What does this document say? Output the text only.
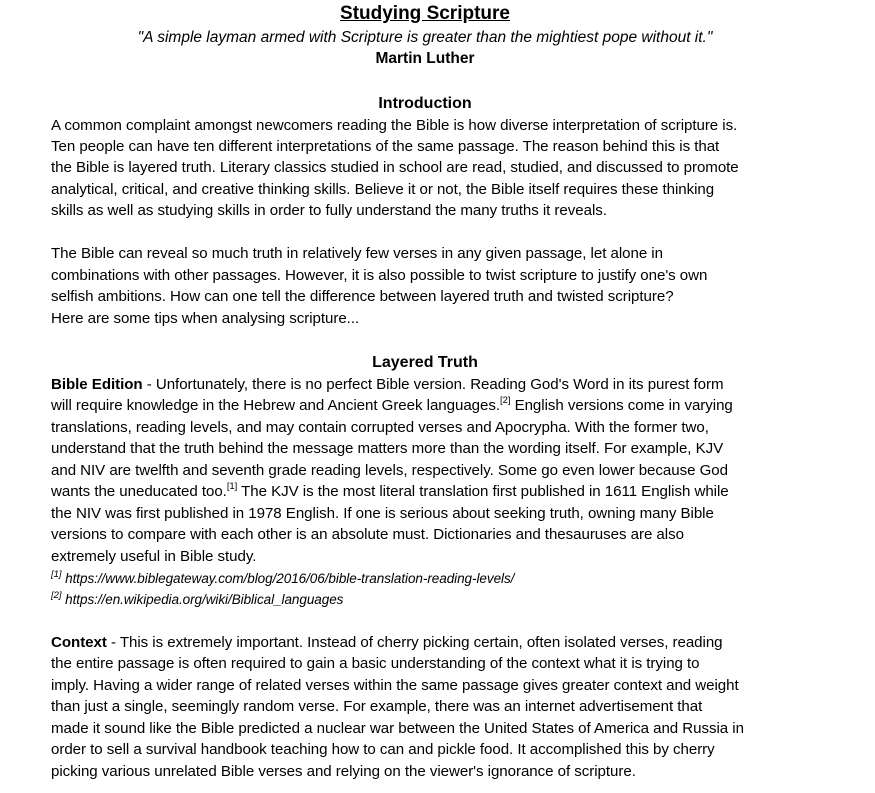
Studying Scripture
"A simple layman armed with Scripture is greater than the mightiest pope without it."
Martin Luther
Introduction
A common complaint amongst newcomers reading the Bible is how diverse interpretation of scripture is.
Ten people can have ten different interpretations of the same passage. The reason behind this is that
the Bible is layered truth. Literary classics studied in school are read, studied, and discussed to promote
analytical, critical, and creative thinking skills. Believe it or not, the Bible itself requires these thinking
skills as well as studying skills in order to fully understand the many truths it reveals.
The Bible can reveal so much truth in relatively few verses in any given passage, let alone in
combinations with other passages. However, it is also possible to twist scripture to justify one's own
selfish ambitions. How can one tell the difference between layered truth and twisted scripture?
Here are some tips when analysing scripture...
Layered Truth
Bible Edition - Unfortunately, there is no perfect Bible version. Reading God's Word in its purest form
will require knowledge in the Hebrew and Ancient Greek languages.[2] English versions come in varying
translations, reading levels, and may contain corrupted verses and Apocrypha. With the former two,
understand that the truth behind the message matters more than the wording itself. For example, KJV
and NIV are twelfth and seventh grade reading levels, respectively. Some go even lower because God
wants the uneducated too.[1] The KJV is the most literal translation first published in 1611 English while
the NIV was first published in 1978 English. If one is serious about seeking truth, owning many Bible
versions to compare with each other is an absolute must. Dictionaries and thesauruses are also
extremely useful in Bible study.
[1] https://www.biblegateway.com/blog/2016/06/bible-translation-reading-levels/
[2] https://en.wikipedia.org/wiki/Biblical_languages
Context - This is extremely important. Instead of cherry picking certain, often isolated verses, reading
the entire passage is often required to gain a basic understanding of the context what it is trying to
imply. Having a wider range of related verses within the same passage gives greater context and weight
than just a single, seemingly random verse. For example, there was an internet advertisement that
made it sound like the Bible predicted a nuclear war between the United States of America and Russia in
order to sell a survival handbook teaching how to can and pickle food. It accomplished this by cherry
picking various unrelated Bible verses and relying on the viewer's ignorance of scripture.
